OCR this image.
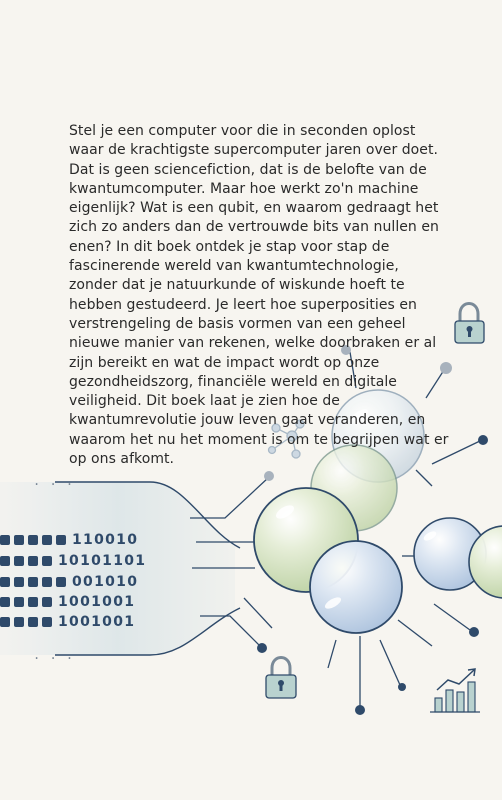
Stel je een computer voor die in seconden oplost waar de krachtigste supercomputer jaren over doet. Dat is geen sciencefiction, dat is de belofte van de kwantumcomputer. Maar hoe werkt zo'n machine eigenlijk? Wat is een qubit, en waarom gedraagt het zich zo anders dan de vertrouwde bits van nullen en enen? In dit boek ontdek je stap voor stap de fascinerende wereld van kwantumtechnologie, zonder dat je natuurkunde of wiskunde hoeft te hebben gestudeerd. Je leert hoe superposities en verstrengeling de basis vormen van een geheel nieuwe manier van rekenen, welke doorbraken er al zijn bereikt en wat de impact wordt op onze gezondheidszorg, financiële wereld en digitale veiligheid. Dit boek laat je zien hoe de kwantumrevolutie jouw leven gaat veranderen, en waarom het nu het moment is om te begrijpen wat er op ons afkomt.

. . .
110010
10101101
001010
1001001
1001001
. . .
